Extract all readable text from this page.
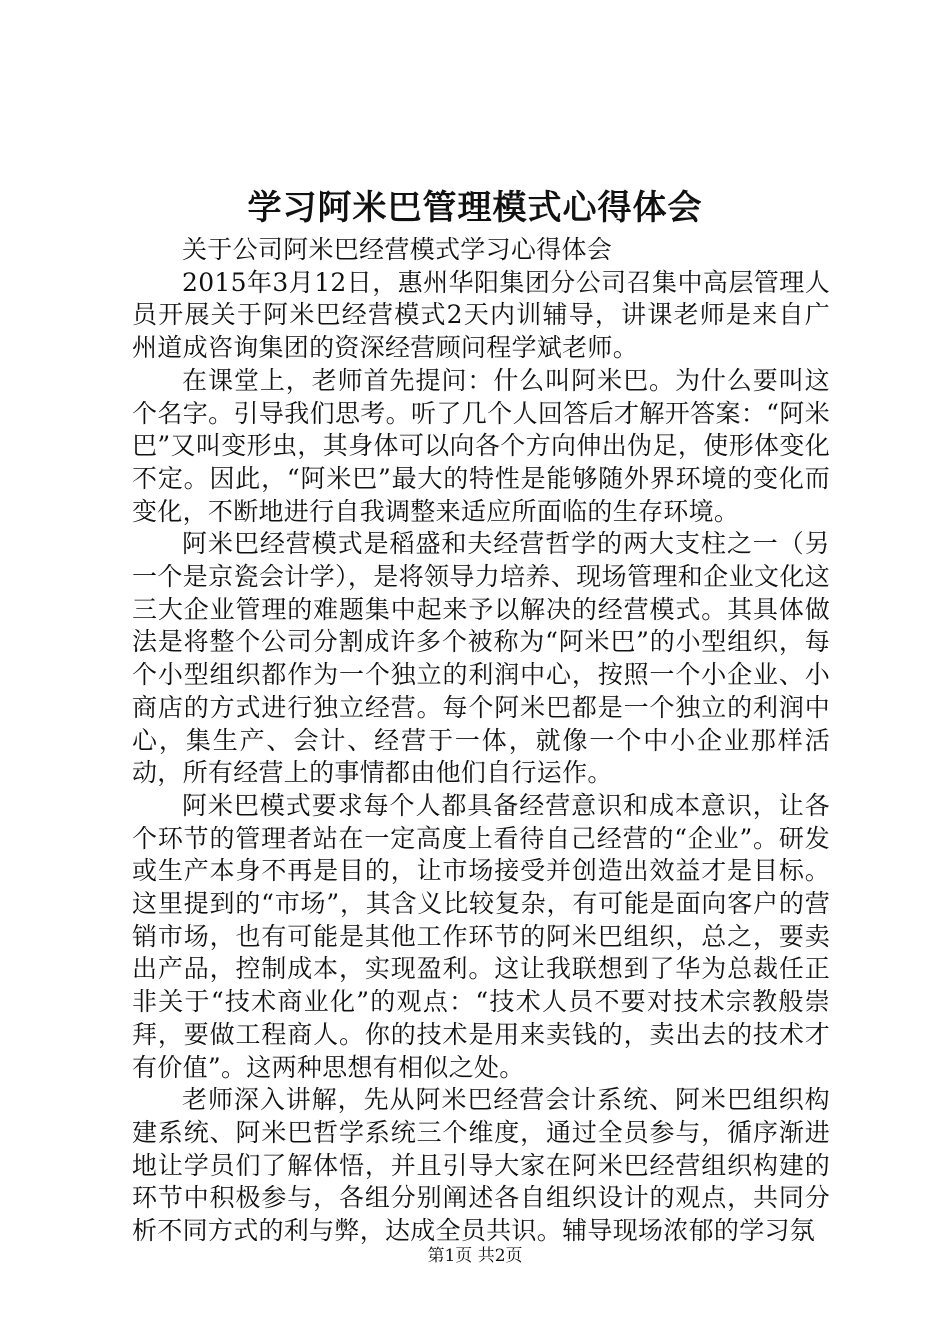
学习阿米巴管理模式心得体会

关于公司阿米巴经营模式学习心得体会

2015年3月12日，惠州华阳集团分公司召集中高层管理人员开展关于阿米巴经营模式2天内训辅导，讲课老师是来自广州道成咨询集团的资深经营顾问程学斌老师。

在课堂上，老师首先提问：什么叫阿米巴。为什么要叫这个名字。引导我们思考。听了几个人回答后才解开答案：“阿米巴”又叫变形虫，其身体可以向各个方向伸出伪足，使形体变化不定。因此，“阿米巴”最大的特性是能够随外界环境的变化而变化，不断地进行自我调整来适应所面临的生存环境。

阿米巴经营模式是稻盛和夫经营哲学的两大支柱之一（另一个是京瓷会计学），是将领导力培养、现场管理和企业文化这三大企业管理的难题集中起来予以解决的经营模式。其具体做法是将整个公司分割成许多个被称为“阿米巴”的小型组织，每个小型组织都作为一个独立的利润中心，按照一个小企业、小商店的方式进行独立经营。每个阿米巴都是一个独立的利润中心，集生产、会计、经营于一体，就像一个中小企业那样活动，所有经营上的事情都由他们自行运作。

阿米巴模式要求每个人都具备经营意识和成本意识，让各个环节的管理者站在一定高度上看待自己经营的“企业”。研发或生产本身不再是目的，让市场接受并创造出效益才是目标。这里提到的“市场”，其含义比较复杂，有可能是面向客户的营销市场，也有可能是其他工作环节的阿米巴组织，总之，要卖出产品，控制成本，实现盈利。这让我联想到了华为总裁任正非关于“技术商业化”的观点：“技术人员不要对技术宗教般崇拜，要做工程商人。你的技术是用来卖钱的，卖出去的技术才有价值”。这两种思想有相似之处。

老师深入讲解，先从阿米巴经营会计系统、阿米巴组织构建系统、阿米巴哲学系统三个维度，通过全员参与，循序渐进地让学员们了解体悟，并且引导大家在阿米巴经营组织构建的环节中积极参与，各组分别阐述各自组织设计的观点，共同分析不同方式的利与弊，达成全员共识。辅导现场浓郁的学习氛

第1页 共2页
